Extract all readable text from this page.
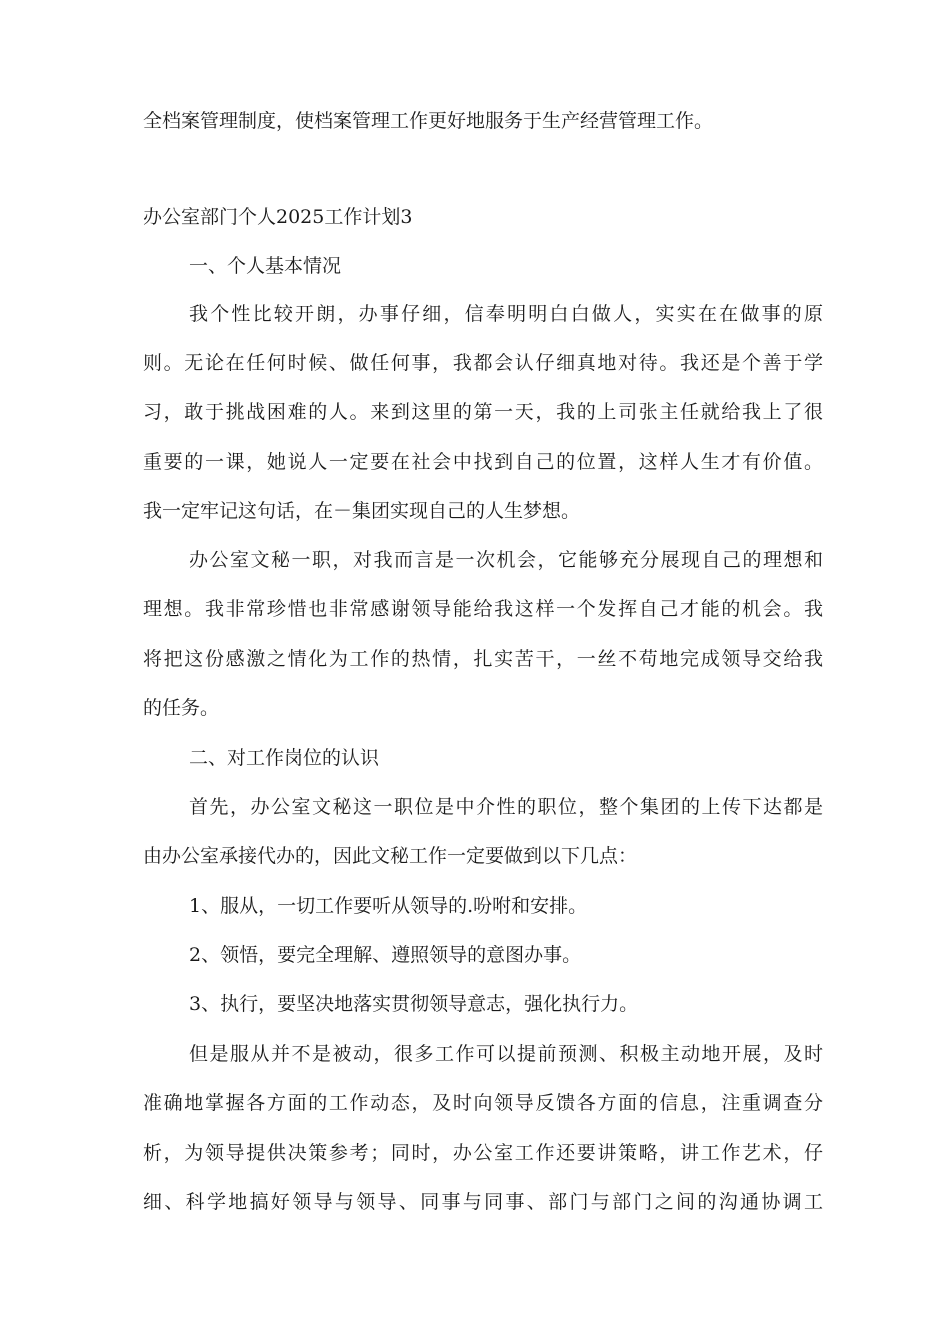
全档案管理制度，使档案管理工作更好地服务于生产经营管理工作。
办公室部门个人2025工作计划3
一、个人基本情况
我个性比较开朗，办事仔细，信奉明明白白做人，实实在在做事的原
则。无论在任何时候、做任何事，我都会认仔细真地对待。我还是个善于学
习，敢于挑战困难的人。来到这里的第一天，我的上司张主任就给我上了很
重要的一课，她说人一定要在社会中找到自己的位置，这样人生才有价值。
我一定牢记这句话，在－集团实现自己的人生梦想。
办公室文秘一职，对我而言是一次机会，它能够充分展现自己的理想和
理想。我非常珍惜也非常感谢领导能给我这样一个发挥自己才能的机会。我
将把这份感激之情化为工作的热情，扎实苦干，一丝不苟地完成领导交给我
的任务。
二、对工作岗位的认识
首先，办公室文秘这一职位是中介性的职位，整个集团的上传下达都是
由办公室承接代办的，因此文秘工作一定要做到以下几点：
1、服从，一切工作要听从领导的.吩咐和安排。
2、领悟，要完全理解、遵照领导的意图办事。
3、执行，要坚决地落实贯彻领导意志，强化执行力。
但是服从并不是被动，很多工作可以提前预测、积极主动地开展，及时
准确地掌握各方面的工作动态，及时向领导反馈各方面的信息，注重调查分
析，为领导提供决策参考；同时，办公室工作还要讲策略，讲工作艺术，仔
细、科学地搞好领导与领导、同事与同事、部门与部门之间的沟通协调工
